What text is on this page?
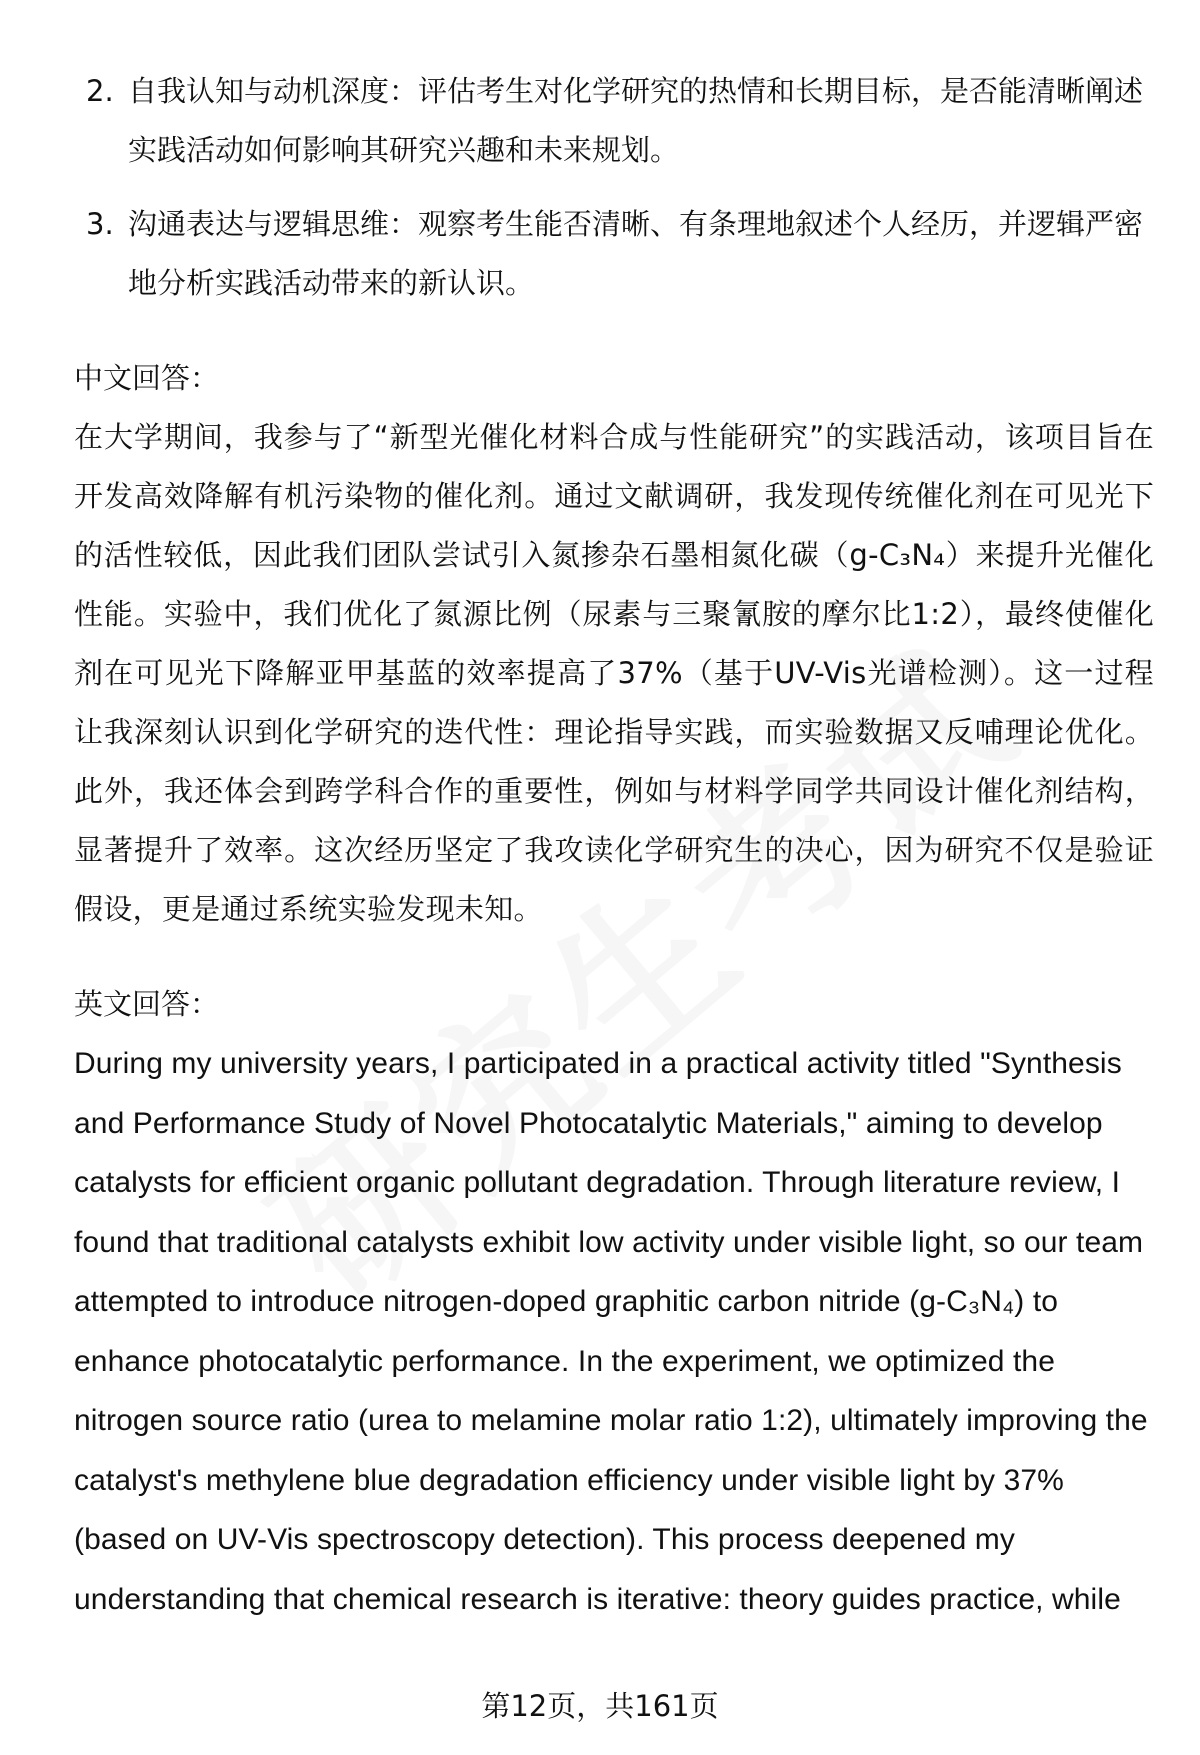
2. 自我认知与动机深度：评估考生对化学研究的热情和长期目标，是否能清晰阐述实践活动如何影响其研究兴趣和未来规划。
3. 沟通表达与逻辑思维：观察考生能否清晰、有条理地叙述个人经历，并逻辑严密地分析实践活动带来的新认识。
中文回答：
在大学期间，我参与了“新型光催化材料合成与性能研究”的实践活动，该项目旨在开发高效降解有机污染物的催化剂。通过文献调研，我发现传统催化剂在可见光下的活性较低，因此我们团队尝试引入氮掺杂石墨相氮化碳（g-C₃N₄）来提升光催化性能。实验中，我们优化了氮源比例（尿素与三聚氰胺的摩尔比1:2），最终使催化剂在可见光下降解亚甲基蓝的效率提高了37%（基于UV-Vis光谱检测）。这一过程让我深刻认识到化学研究的迭代性：理论指导实践，而实验数据又反哺理论优化。此外，我还体会到跨学科合作的重要性，例如与材料学同学共同设计催化剂结构，显著提升了效率。这次经历坚定了我攻读化学研究生的决心，因为研究不仅是验证假设，更是通过系统实验发现未知。
英文回答：
During my university years, I participated in a practical activity titled "Synthesis and Performance Study of Novel Photocatalytic Materials," aiming to develop catalysts for efficient organic pollutant degradation. Through literature review, I found that traditional catalysts exhibit low activity under visible light, so our team attempted to introduce nitrogen-doped graphitic carbon nitride (g-C₃N₄) to enhance photocatalytic performance. In the experiment, we optimized the nitrogen source ratio (urea to melamine molar ratio 1:2), ultimately improving the catalyst's methylene blue degradation efficiency under visible light by 37% (based on UV-Vis spectroscopy detection). This process deepened my understanding that chemical research is iterative: theory guides practice, while
第12页，共161页
